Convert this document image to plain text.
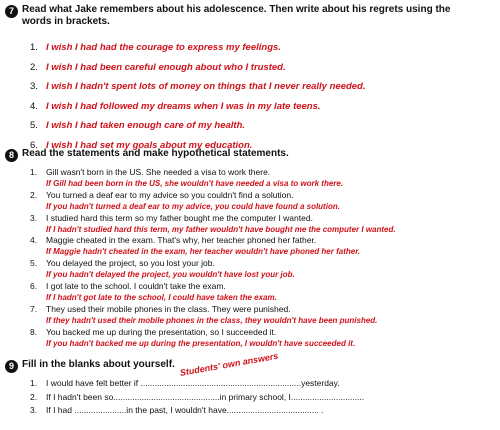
7 Read what Jake remembers about his adolescence. Then write about his regrets using the
words in brackets.
1. I wish I had had the courage to express my feelings.
2. I wish I had been careful enough about who I trusted.
3. I wish I hadn't spent lots of money on things that I never really needed.
4. I wish I had followed my dreams when I was in my late teens.
5. I wish I had taken enough care of my health.
6. I wish I had set my goals about my education.
8 Read the statements and make hypothetical statements.
1.	Gill wasn't born in the US. She needed a visa to work there.
If Gill had been born in the US, she wouldn't have needed a visa to work there.
2.	You turned a deaf ear to my advice so you couldn't find a solution.
If you hadn't turned a deaf ear to my advice, you could have found a solution.
3.	I studied hard this term so my father bought me the computer I wanted.
If I hadn't studied hard this term, my father wouldn't have bought me the computer I wanted.
4.	Maggie cheated in the exam. That's why, her teacher phoned her father.
If Maggie hadn't cheated in the exam, her teacher wouldn't have phoned her father.
5.	You delayed the project, so you lost your job.
If you hadn't delayed the project, you wouldn't have lost your job.
6.	I got late to the school. I couldn't take the exam.
If I hadn't got late to the school, I could have taken the exam.
7.	They used their mobile phones in the class. They were punished.
If they hadn't used their mobile phones in the class, they wouldn't have been punished.
8.	You backed me up during the presentation, so I succeeded it.
If you hadn't backed me up during the presentation, I wouldn't have succeeded it.
9 Fill in the blanks about yourself. Students' own answers
1.	I would have felt better if ....................................................................yesterday.
2.	If I hadn't been so.............................................in primary school, I...............................
3.	If I had ......................in the past, I wouldn't have....................................... .
